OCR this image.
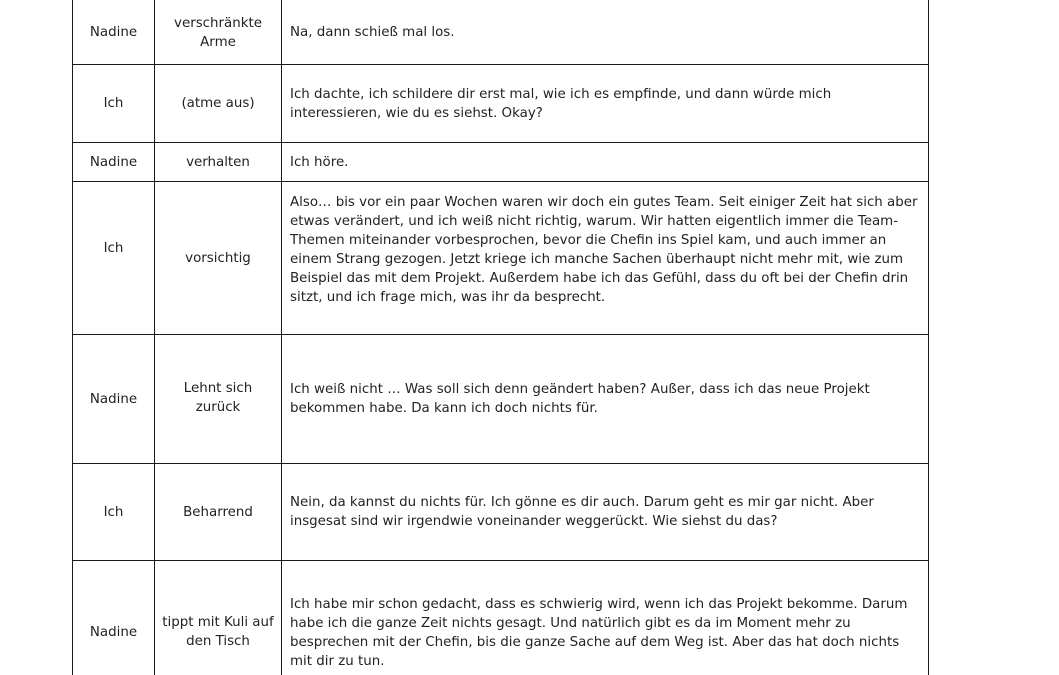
Nadine	verschränkte Arme	Na, dann schieß mal los.

Ich	(atme aus)	Ich dachte, ich schildere dir erst mal, wie ich es empfinde, und dann würde mich interessieren, wie du es siehst. Okay?

Nadine	verhalten	Ich höre.

Ich	vorsichtig	Also… bis vor ein paar Wochen waren wir doch ein gutes Team. Seit einiger Zeit hat sich aber etwas verändert, und ich weiß nicht richtig, warum. Wir hatten eigentlich immer die Team-Themen miteinander vorbesprochen, bevor die Chefin ins Spiel kam, und auch immer an einem Strang gezogen. Jetzt kriege ich manche Sachen überhaupt nicht mehr mit, wie zum Beispiel das mit dem Projekt. Außerdem habe ich das Gefühl, dass du oft bei der Chefin drin sitzt, und ich frage mich, was ihr da besprecht.

Nadine	Lehnt sich zurück	Ich weiß nicht … Was soll sich denn geändert haben? Außer, dass ich das neue Projekt bekommen habe. Da kann ich doch nichts für.

Ich	Beharrend	Nein, da kannst du nichts für. Ich gönne es dir auch. Darum geht es mir gar nicht. Aber insgesat sind wir irgendwie voneinander weggerückt. Wie siehst du das?

Nadine	tippt mit Kuli auf den Tisch	Ich habe mir schon gedacht, dass es schwierig wird, wenn ich das Projekt bekomme. Darum habe ich die ganze Zeit nichts gesagt. Und natürlich gibt es da im Moment mehr zu besprechen mit der Chefin, bis die ganze Sache auf dem Weg ist. Aber das hat doch nichts mit dir zu tun.
